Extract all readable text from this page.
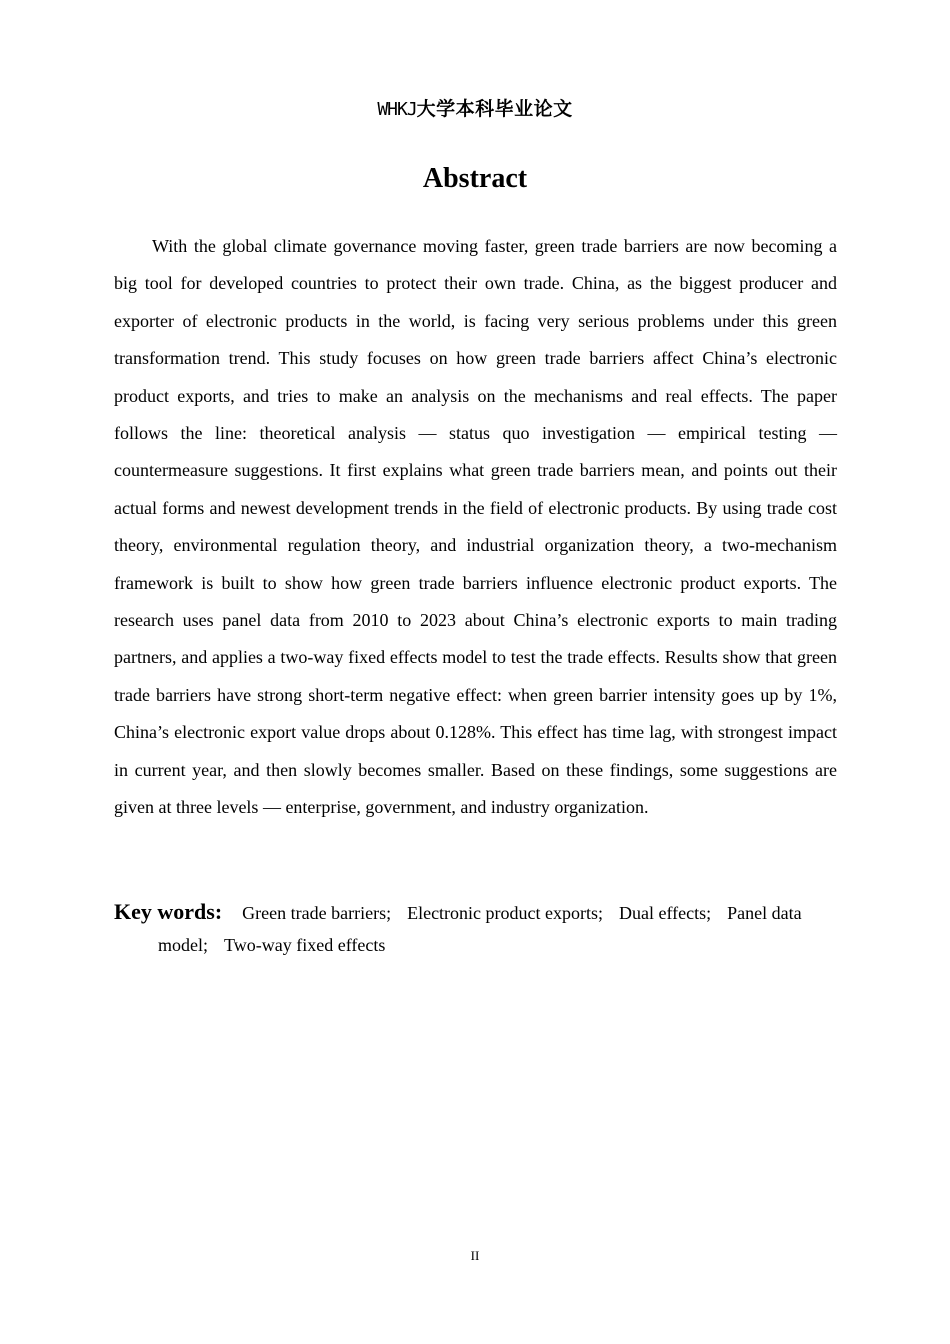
WHKJ大学本科毕业论文
Abstract

With the global climate governance moving faster, green trade barriers are now becoming a big tool for developed countries to protect their own trade. China, as the biggest producer and exporter of electronic products in the world, is facing very serious problems under this green transformation trend. This study focuses on how green trade barriers affect China’s electronic product exports, and tries to make an analysis on the mechanisms and real effects. The paper follows the line: theoretical analysis — status quo investigation — empirical testing — countermeasure suggestions. It first explains what green trade barriers mean, and points out their actual forms and newest development trends in the field of electronic products. By using trade cost theory, environmental regulation theory, and industrial organization theory, a two-mechanism framework is built to show how green trade barriers influence electronic product exports. The research uses panel data from 2010 to 2023 about China’s electronic exports to main trading partners, and applies a two-way fixed effects model to test the trade effects. Results show that green trade barriers have strong short-term negative effect: when green barrier intensity goes up by 1%, China’s electronic export value drops about 0.128%. This effect has time lag, with strongest impact in current year, and then slowly becomes smaller. Based on these findings, some suggestions are given at three levels — enterprise, government, and industry organization.

Key words: Green trade barriers; Electronic product exports; Dual effects; Panel data model; Two-way fixed effects

II
